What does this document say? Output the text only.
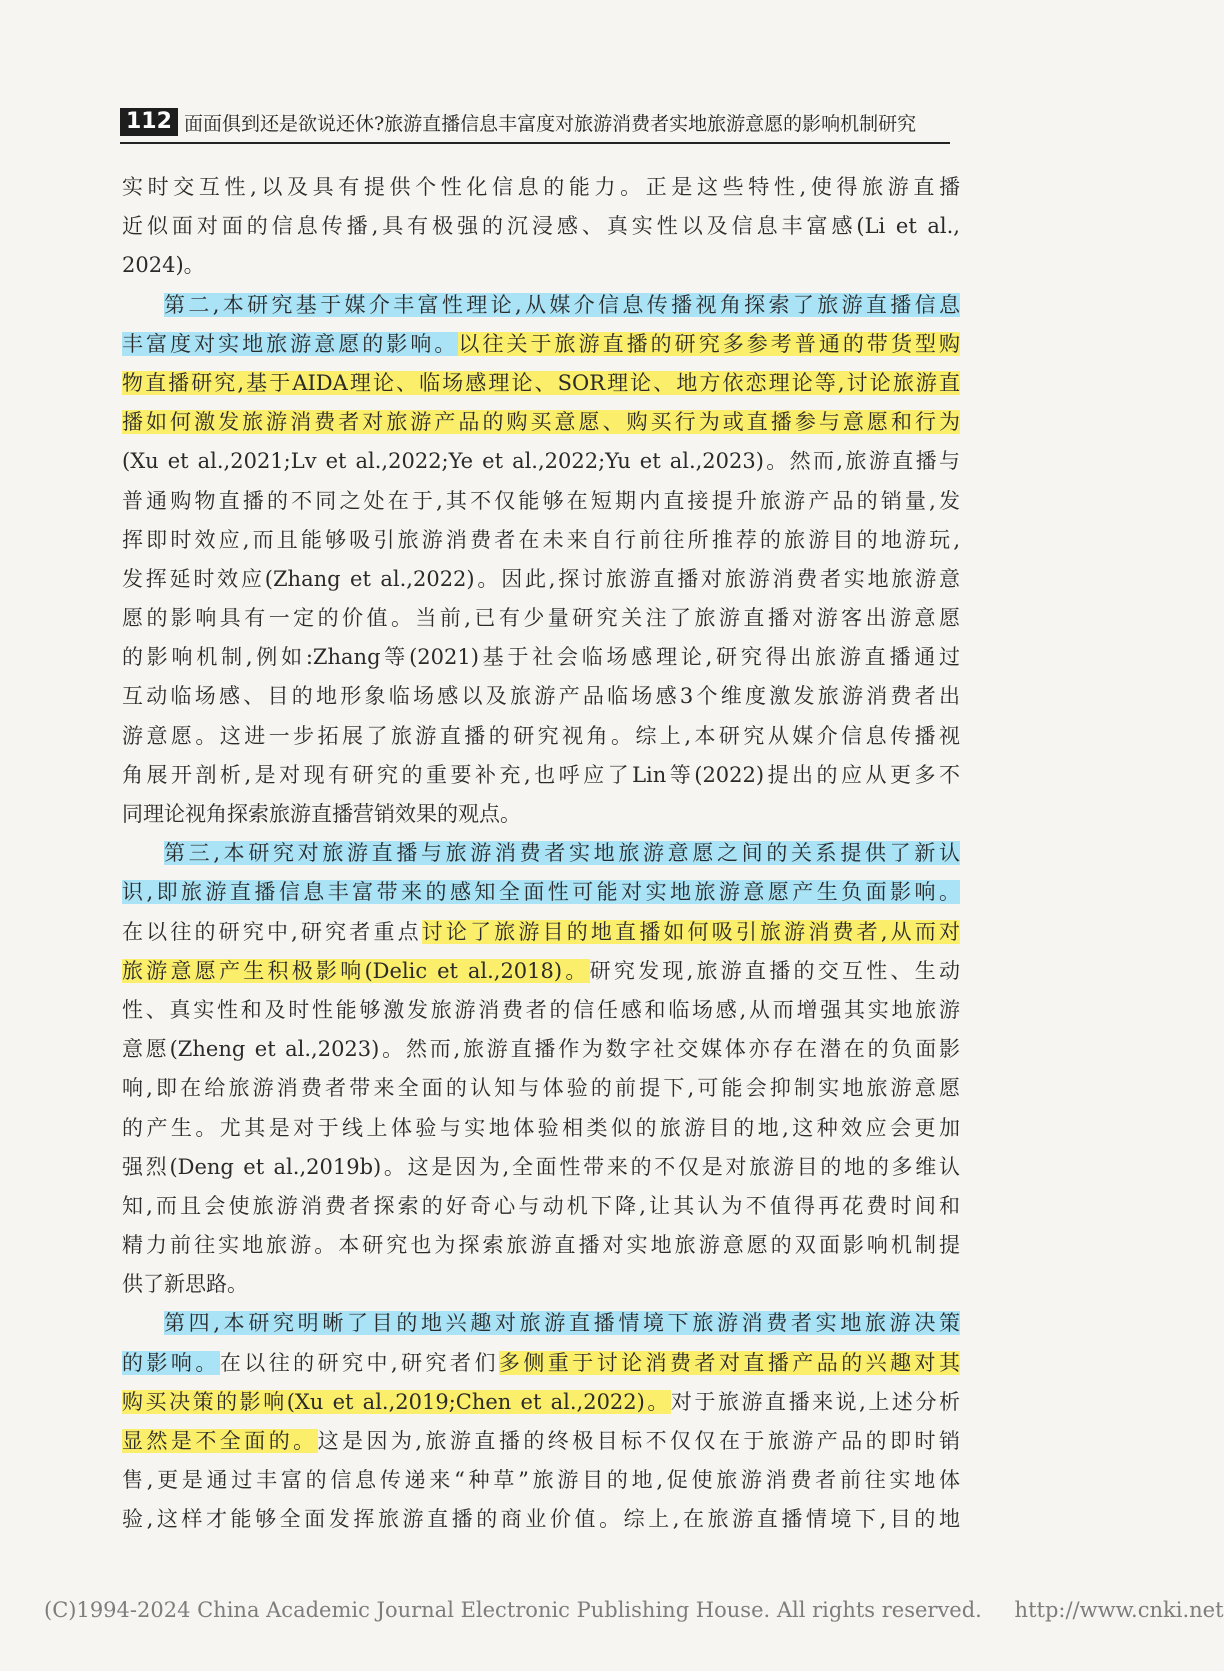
112 面面俱到还是欲说还休?旅游直播信息丰富度对旅游消费者实地旅游意愿的影响机制研究
实时交互性,以及具有提供个性化信息的能力。正是这些特性,使得旅游直播
近似面对面的信息传播,具有极强的沉浸感、真实性以及信息丰富感(Li et al.,
2024)。
第二,本研究基于媒介丰富性理论,从媒介信息传播视角探索了旅游直播信息
丰富度对实地旅游意愿的影响。以往关于旅游直播的研究多参考普通的带货型购
物直播研究,基于AIDA理论、临场感理论、SOR理论、地方依恋理论等,讨论旅游直
播如何激发旅游消费者对旅游产品的购买意愿、购买行为或直播参与意愿和行为
(Xu et al.,2021;Lv et al.,2022;Ye et al.,2022;Yu et al.,2023)。然而,旅游直播与
普通购物直播的不同之处在于,其不仅能够在短期内直接提升旅游产品的销量,发
挥即时效应,而且能够吸引旅游消费者在未来自行前往所推荐的旅游目的地游玩,
发挥延时效应(Zhang et al.,2022)。因此,探讨旅游直播对旅游消费者实地旅游意
愿的影响具有一定的价值。当前,已有少量研究关注了旅游直播对游客出游意愿
的影响机制,例如:Zhang等(2021)基于社会临场感理论,研究得出旅游直播通过
互动临场感、目的地形象临场感以及旅游产品临场感3个维度激发旅游消费者出
游意愿。这进一步拓展了旅游直播的研究视角。综上,本研究从媒介信息传播视
角展开剖析,是对现有研究的重要补充,也呼应了Lin等(2022)提出的应从更多不
同理论视角探索旅游直播营销效果的观点。
第三,本研究对旅游直播与旅游消费者实地旅游意愿之间的关系提供了新认
识,即旅游直播信息丰富带来的感知全面性可能对实地旅游意愿产生负面影响。
在以往的研究中,研究者重点讨论了旅游目的地直播如何吸引旅游消费者,从而对
旅游意愿产生积极影响(Delic et al.,2018)。研究发现,旅游直播的交互性、生动
性、真实性和及时性能够激发旅游消费者的信任感和临场感,从而增强其实地旅游
意愿(Zheng et al.,2023)。然而,旅游直播作为数字社交媒体亦存在潜在的负面影
响,即在给旅游消费者带来全面的认知与体验的前提下,可能会抑制实地旅游意愿
的产生。尤其是对于线上体验与实地体验相类似的旅游目的地,这种效应会更加
强烈(Deng et al.,2019b)。这是因为,全面性带来的不仅是对旅游目的地的多维认
知,而且会使旅游消费者探索的好奇心与动机下降,让其认为不值得再花费时间和
精力前往实地旅游。本研究也为探索旅游直播对实地旅游意愿的双面影响机制提
供了新思路。
第四,本研究明晰了目的地兴趣对旅游直播情境下旅游消费者实地旅游决策
的影响。在以往的研究中,研究者们多侧重于讨论消费者对直播产品的兴趣对其
购买决策的影响(Xu et al.,2019;Chen et al.,2022)。对于旅游直播来说,上述分析
显然是不全面的。这是因为,旅游直播的终极目标不仅仅在于旅游产品的即时销
售,更是通过丰富的信息传递来“种草”旅游目的地,促使旅游消费者前往实地体
验,这样才能够全面发挥旅游直播的商业价值。综上,在旅游直播情境下,目的地
(C)1994-2024 China Academic Journal Electronic Publishing House. All rights reserved. http://www.cnki.net
